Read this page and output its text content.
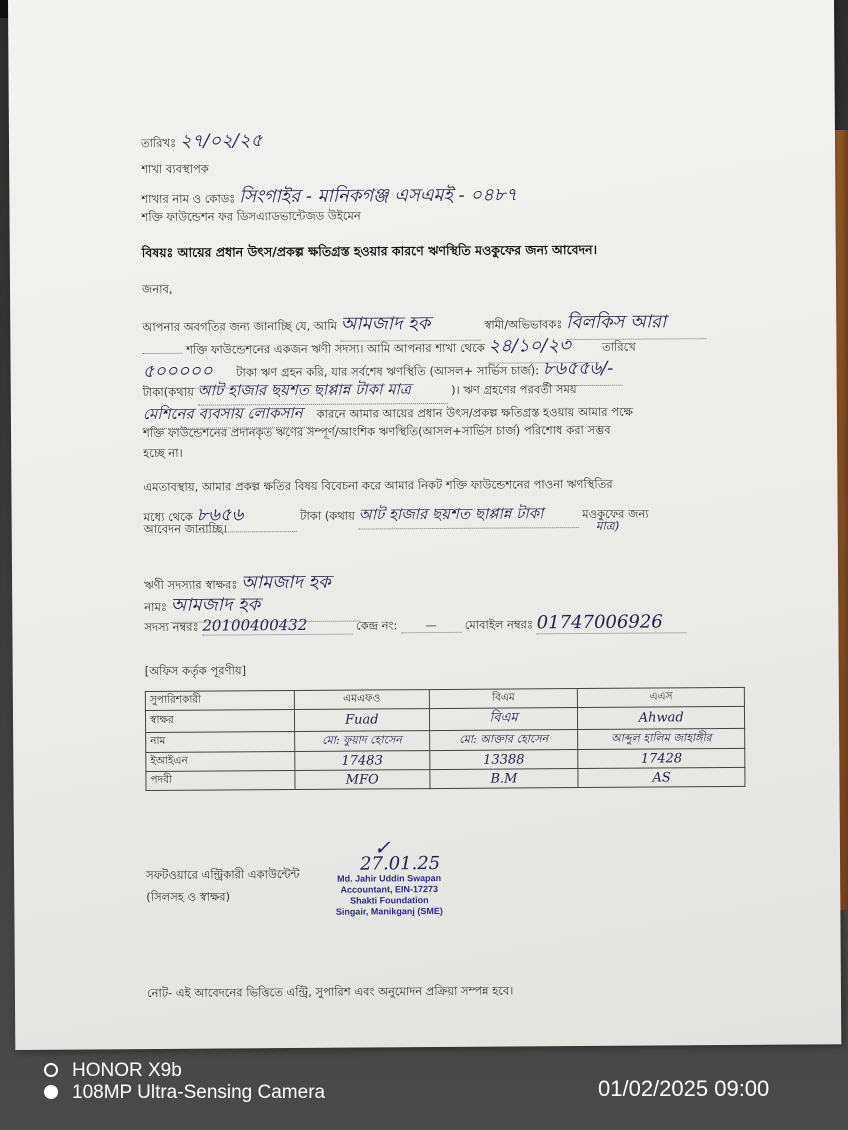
তারিখঃ ২৭/০২/২৫
শাখা ব্যবস্থাপক
শাখার নাম ও কোডঃ সিংগাইর - মানিকগঞ্জ এসএমই - ০৪৮৭
শক্তি ফাউন্ডেশন ফর ডিসএ্যাডভান্টেজড উইমেন
বিষয়ঃ আয়ের প্রধান উৎস/প্রকল্প ক্ষতিগ্রস্ত হওয়ার কারণে ঋণস্থিতি মওকুফের জন্য আবেদন।
জনাব,
আপনার অবগতির জন্য জানাচ্ছি যে, আমি আমজাদ হক	স্বামী/অভিভাবকঃ বিলকিস আরা
শক্তি ফাউন্ডেশনের একজন ঋণী সদস্য। আমি আপনার শাখা থেকে ২৪/১০/২৩	তারিখে
৫০০০০০ টাকা ঋণ গ্রহন করি, যার সর্বশেষ ঋণস্থিতি (আসল+ সার্ভিস চার্জ): ৮৬৫৫৬/-
টাকা(কথায় আট হাজার ছয়শত ছাপ্পান্ন টাকা মাত্র	)। ঋণ গ্রহণের পরবর্তী সময়
মেশিনের ব্যবসায় লোকসান কারনে আমার আয়ের প্রধান উৎস/প্রকল্প ক্ষতিগ্রস্ত হওয়ায় আমার পক্ষে
শক্তি ফাউন্ডেশনের প্রদানকৃত ঋণের সম্পূর্ণ/আংশিক ঋণস্থিতি(আসল+সার্ভিস চার্জ) পরিশোধ করা সম্ভব
হচ্ছে না।
এমতাবস্থায়, আমার প্রকল্প ক্ষতির বিষয় বিবেচনা করে আমার নিকট শক্তি ফাউন্ডেশনের পাওনা ঋণস্থিতির
মধ্যে থেকে ৮৬৫৬	টাকা (কথায় আট হাজার ছয়শত ছাপ্পান্ন টাকা	মওকুফের জন্য
আবেদন জানাচ্ছি।	মাত্র)
ঋণী সদস্যার স্বাক্ষরঃ আমজাদ হক
নামঃ আমজাদ হক
সদস্য নম্বরঃ 20100400432	কেন্দ্র নং: — মোবাইল নম্বরঃ 01747006926
[অফিস কর্তৃক পূরণীয়]
সুপারিশকারী	এমএফও	বিএম	এএস
স্বাক্ষর	Fuad	বিএম	Ahwad
নাম	মো: ফুয়াদ হোসেন	মো: আক্তার হোসেন	আব্দুল হালিম জাহাঙ্গীর
ইআইএন	17483	13388	17428
পদবী	MFO	B.M	AS
✓
27.01.25
সফটওয়ারে এন্ট্রিকারী একাউন্টেন্ট
(সিলসহ ও স্বাক্ষর)
Md. Jahir Uddin Swapan
Accountant, EIN-17273
Shakti Foundation
Singair, Manikganj (SME)
নোট- এই আবেদনের ভিত্তিতে এন্ট্রি, সুপারিশ এবং অনুমোদন প্রক্রিয়া সম্পন্ন হবে।
HONOR X9b
108MP Ultra-Sensing Camera	01/02/2025 09:00
